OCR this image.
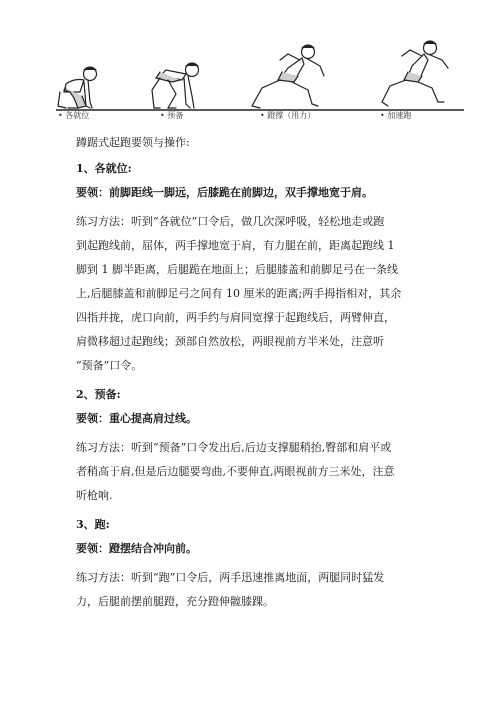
• 各就位	• 预备	• 蹬撑（用力）	• 加速跑

蹲踞式起跑要领与操作:

1、各就位:

要领：前脚距线一脚远，后膝跪在前脚边，双手撑地宽于肩。

练习方法：听到“各就位”口令后，做几次深呼吸，轻松地走或跑

到起跑线前，屈体，两手撑地宽于肩，有力腿在前，距离起跑线 1

脚到 1 脚半距离，后腿跪在地面上；后腿膝盖和前脚足弓在一条线

上,后腿膝盖和前脚足弓之间有 10 厘米的距离;两手拇指相对，其余

四指并拢，虎口向前，两手约与肩同宽撑于起跑线后，两臂伸直，

肩微移超过起跑线；颈部自然放松，两眼视前方半米处，注意听

“预备”口令。

2、预备:

要领：重心提高肩过线。

练习方法：听到“预备”口令发出后,后边支撑腿稍抬,臀部和肩平或

者稍高于肩,但是后边腿要弯曲,不要伸直,两眼视前方三米处，注意

听枪响.

3、跑:

要领：蹬摆结合冲向前。

练习方法：听到“跑”口令后，两手迅速推离地面，两腿同时猛发

力，后腿前摆前腿蹬，充分蹬伸髋膝踝。
